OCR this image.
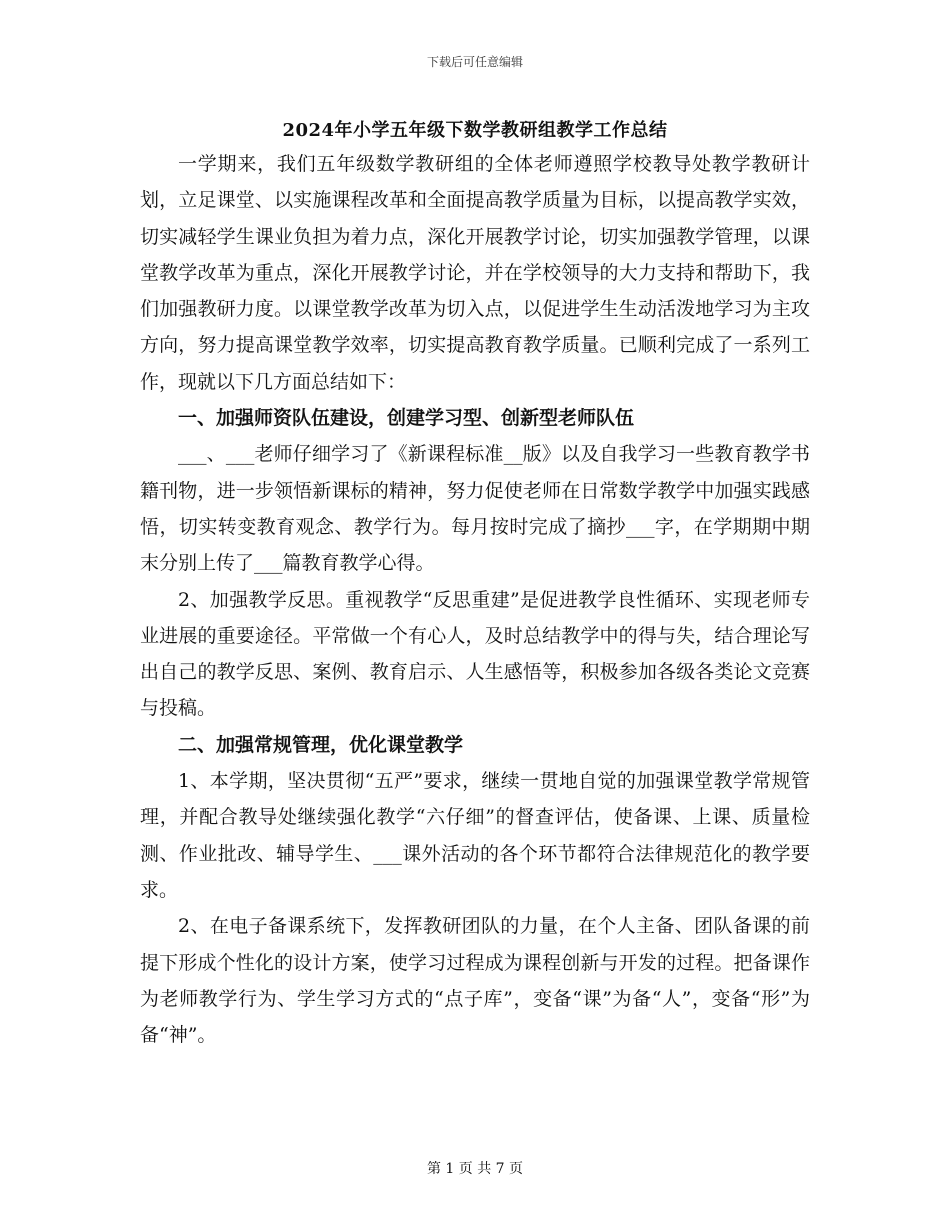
下载后可任意编辑
2024年小学五年级下数学教研组教学工作总结

一学期来，我们五年级数学教研组的全体老师遵照学校教导处教学教研计划，立足课堂、以实施课程改革和全面提高教学质量为目标，以提高教学实效，切实减轻学生课业负担为着力点，深化开展教学讨论，切实加强教学管理，以课堂教学改革为重点，深化开展教学讨论，并在学校领导的大力支持和帮助下，我们加强教研力度。以课堂教学改革为切入点，以促进学生生动活泼地学习为主攻方向，努力提高课堂教学效率，切实提高教育教学质量。已顺利完成了一系列工作，现就以下几方面总结如下：

一、加强师资队伍建设，创建学习型、创新型老师队伍

___、___老师仔细学习了《新课程标准__版》以及自我学习一些教育教学书籍刊物，进一步领悟新课标的精神，努力促使老师在日常数学教学中加强实践感悟，切实转变教育观念、教学行为。每月按时完成了摘抄___字，在学期期中期末分别上传了___篇教育教学心得。

2、加强教学反思。重视教学“反思重建”是促进教学良性循环、实现老师专业进展的重要途径。平常做一个有心人，及时总结教学中的得与失，结合理论写出自己的教学反思、案例、教育启示、人生感悟等，积极参加各级各类论文竞赛与投稿。

二、加强常规管理，优化课堂教学

1、本学期，坚决贯彻“五严”要求，继续一贯地自觉的加强课堂教学常规管理，并配合教导处继续强化教学“六仔细”的督查评估，使备课、上课、质量检测、作业批改、辅导学生、___课外活动的各个环节都符合法律规范化的教学要求。

2、在电子备课系统下，发挥教研团队的力量，在个人主备、团队备课的前提下形成个性化的设计方案，使学习过程成为课程创新与开发的过程。把备课作为老师教学行为、学生学习方式的“点子库”，变备“课”为备“人”，变备“形”为备“神”。

第 1 页 共 7 页
